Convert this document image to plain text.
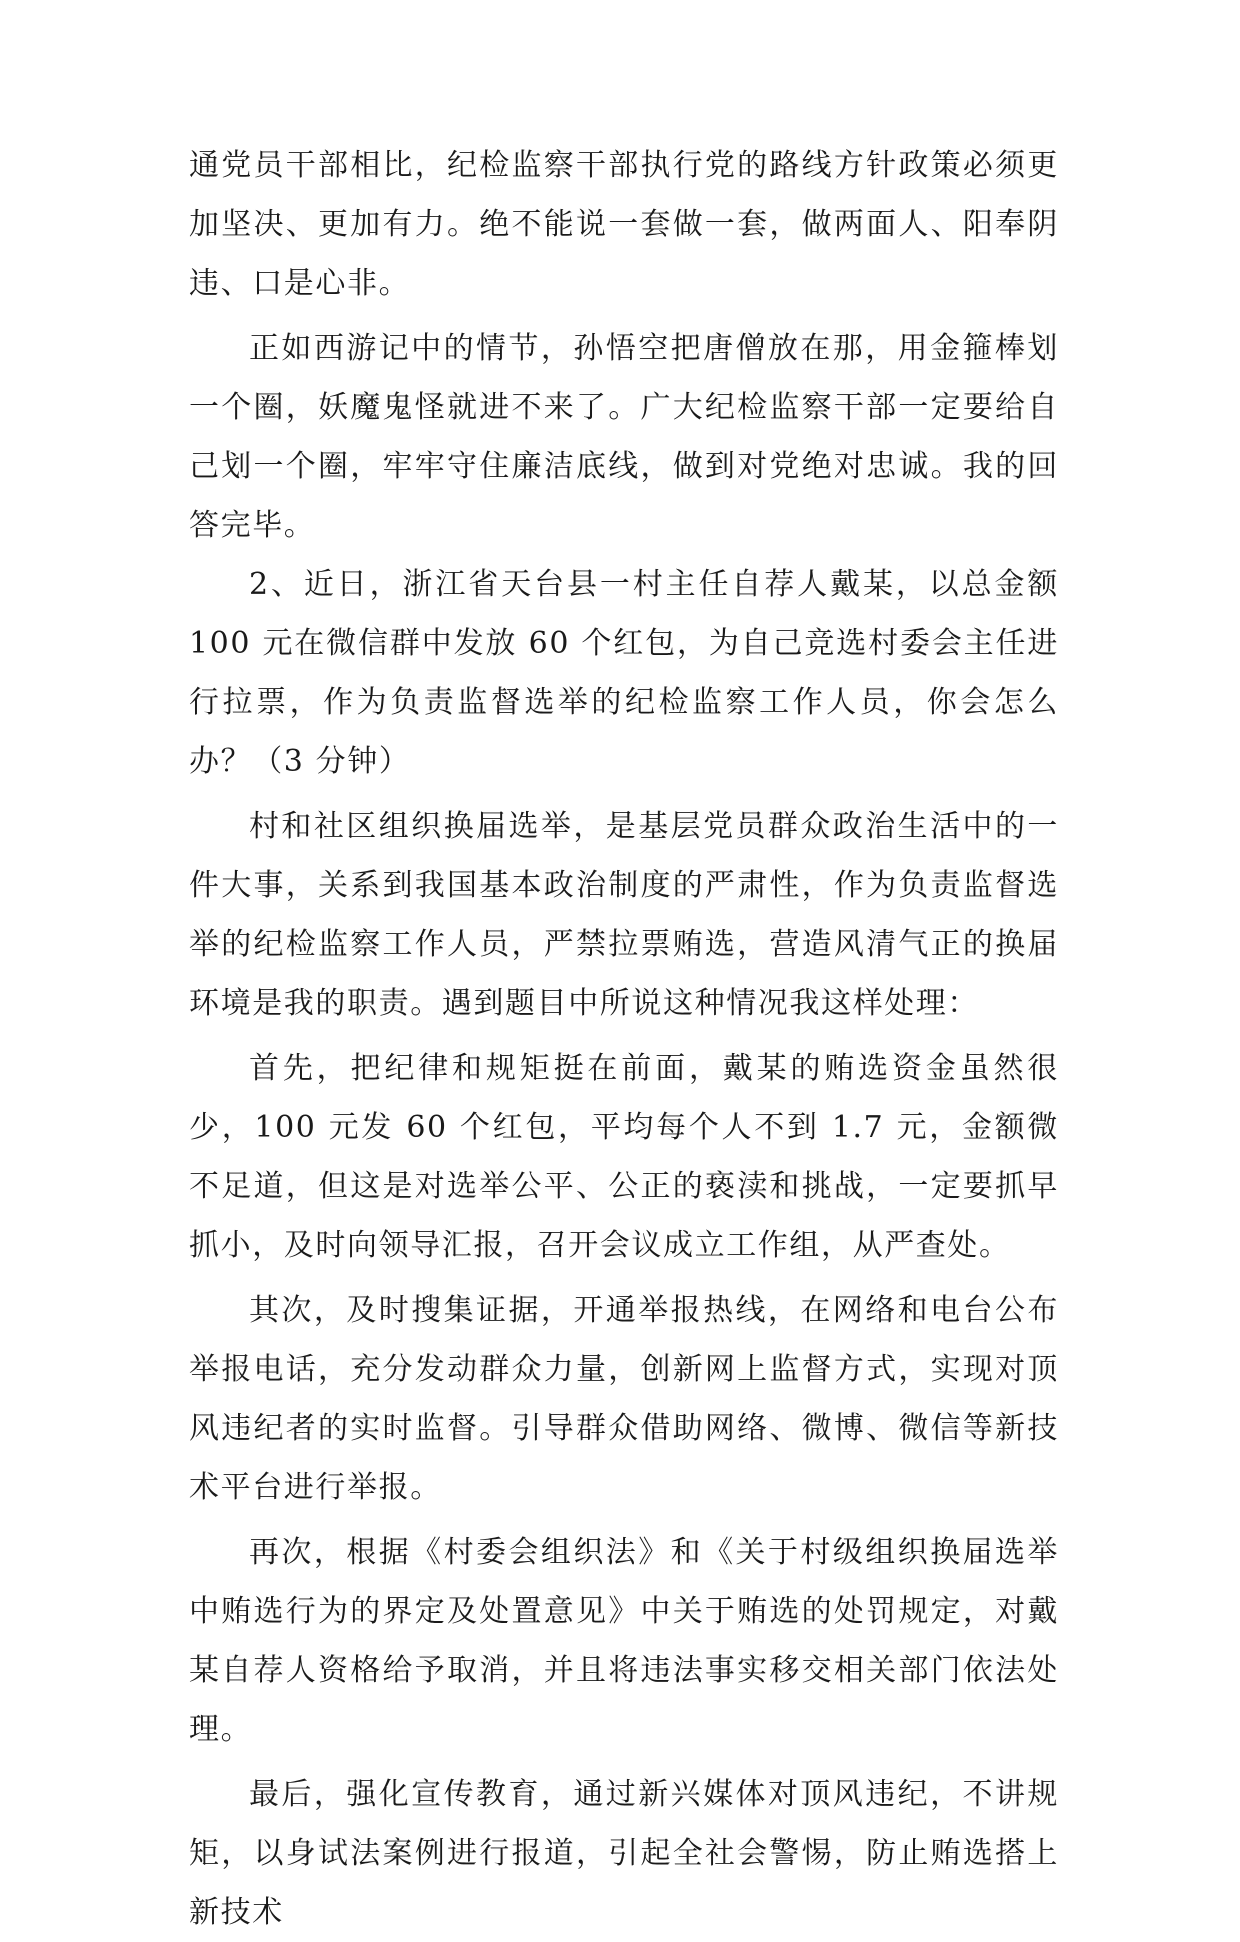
通党员干部相比，纪检监察干部执行党的路线方针政策必须更加坚决、更加有力。绝不能说一套做一套，做两面人、阳奉阴违、口是心非。

正如西游记中的情节，孙悟空把唐僧放在那，用金箍棒划一个圈，妖魔鬼怪就进不来了。广大纪检监察干部一定要给自己划一个圈，牢牢守住廉洁底线，做到对党绝对忠诚。我的回答完毕。

2、近日，浙江省天台县一村主任自荐人戴某，以总金额 100 元在微信群中发放 60 个红包，为自己竞选村委会主任进行拉票，作为负责监督选举的纪检监察工作人员，你会怎么办？（3 分钟）

村和社区组织换届选举，是基层党员群众政治生活中的一件大事，关系到我国基本政治制度的严肃性，作为负责监督选举的纪检监察工作人员，严禁拉票贿选，营造风清气正的换届环境是我的职责。遇到题目中所说这种情况我这样处理：

首先，把纪律和规矩挺在前面，戴某的贿选资金虽然很少，100 元发 60 个红包，平均每个人不到 1.7 元，金额微不足道，但这是对选举公平、公正的亵渎和挑战，一定要抓早抓小，及时向领导汇报，召开会议成立工作组，从严查处。

其次，及时搜集证据，开通举报热线，在网络和电台公布举报电话，充分发动群众力量，创新网上监督方式，实现对顶风违纪者的实时监督。引导群众借助网络、微博、微信等新技术平台进行举报。

再次，根据《村委会组织法》和《关于村级组织换届选举中贿选行为的界定及处置意见》中关于贿选的处罚规定，对戴某自荐人资格给予取消，并且将违法事实移交相关部门依法处理。

最后，强化宣传教育，通过新兴媒体对顶风违纪，不讲规矩，以身试法案例进行报道，引起全社会警惕，防止贿选搭上新技术
